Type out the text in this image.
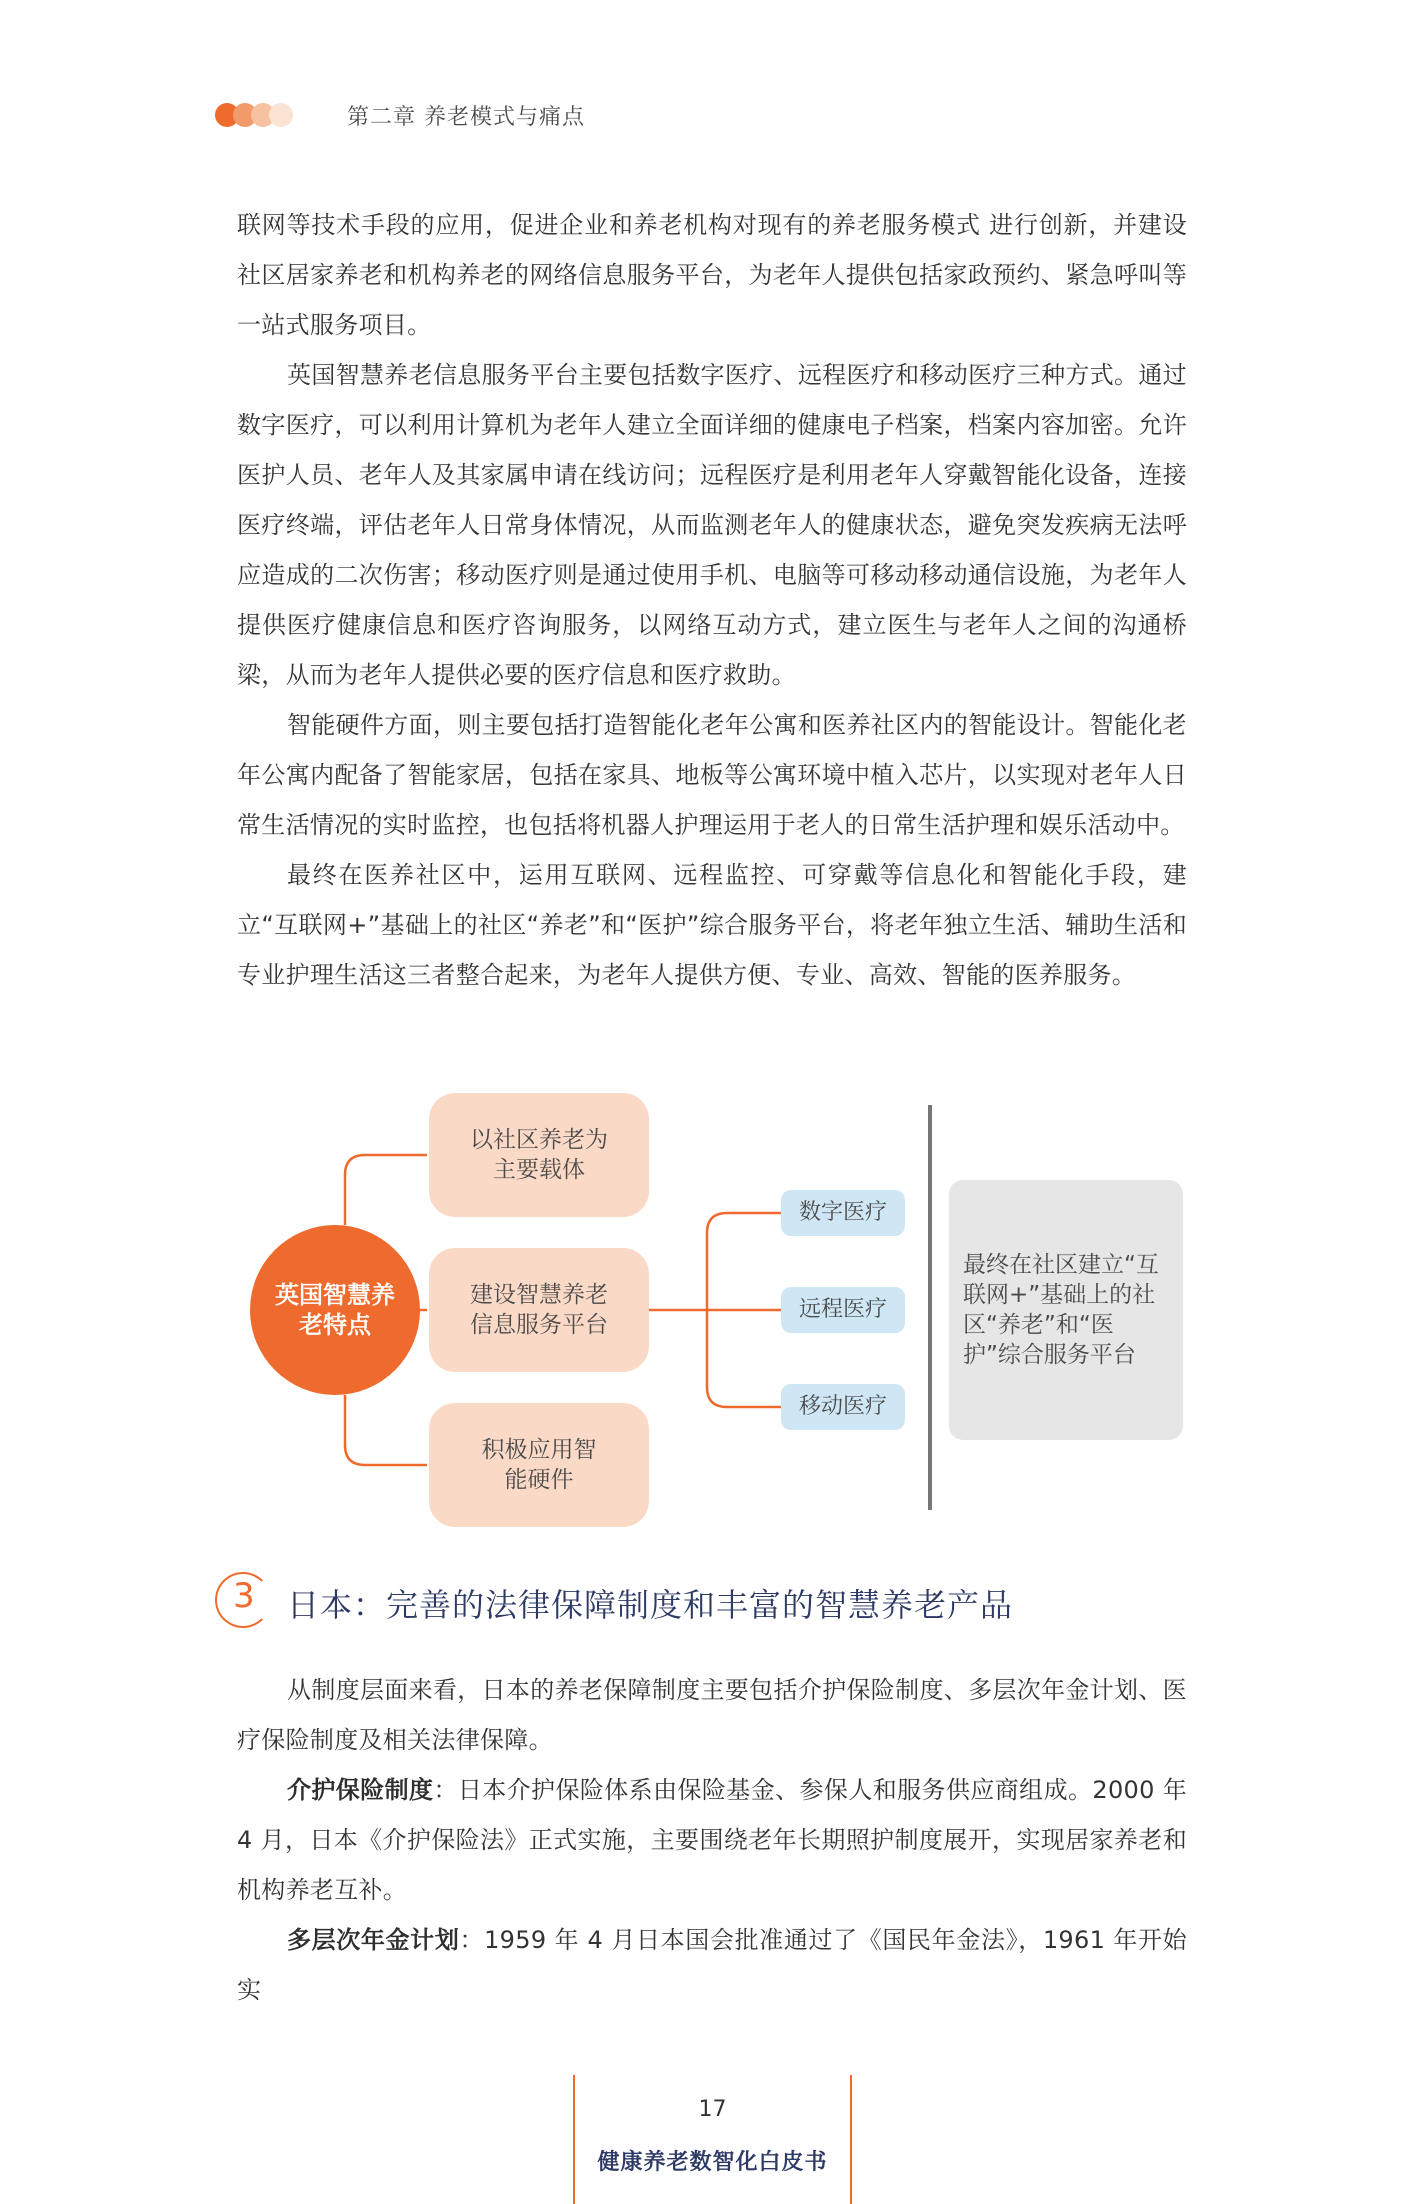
第二章 养老模式与痛点

联网等技术手段的应用，促进企业和养老机构对现有的养老服务模式 进行创新，并建设社区居家养老和机构养老的网络信息服务平台，为老年人提供包括家政预约、紧急呼叫等一站式服务项目。

英国智慧养老信息服务平台主要包括数字医疗、远程医疗和移动医疗三种方式。通过数字医疗，可以利用计算机为老年人建立全面详细的健康电子档案，档案内容加密。允许医护人员、老年人及其家属申请在线访问；远程医疗是利用老年人穿戴智能化设备，连接医疗终端，评估老年人日常身体情况，从而监测老年人的健康状态，避免突发疾病无法呼应造成的二次伤害；移动医疗则是通过使用手机、电脑等可移动移动通信设施，为老年人提供医疗健康信息和医疗咨询服务，以网络互动方式，建立医生与老年人之间的沟通桥梁，从而为老年人提供必要的医疗信息和医疗救助。

智能硬件方面，则主要包括打造智能化老年公寓和医养社区内的智能设计。智能化老年公寓内配备了智能家居，包括在家具、地板等公寓环境中植入芯片，以实现对老年人日常生活情况的实时监控，也包括将机器人护理运用于老人的日常生活护理和娱乐活动中。

最终在医养社区中，运用互联网、远程监控、可穿戴等信息化和智能化手段，建立“互联网+”基础上的社区“养老”和“医护”综合服务平台，将老年独立生活、辅助生活和专业护理生活这三者整合起来，为老年人提供方便、专业、高效、智能的医养服务。

英国智慧养老特点
以社区养老为主要载体
建设智慧养老信息服务平台
积极应用智能硬件
数字医疗
远程医疗
移动医疗
最终在社区建立“互联网+”基础上的社区“养老”和“医护”综合服务平台
3 日本：完善的法律保障制度和丰富的智慧养老产品

从制度层面来看，日本的养老保障制度主要包括介护保险制度、多层次年金计划、医疗保险制度及相关法律保障。

介护保险制度：日本介护保险体系由保险基金、参保人和服务供应商组成。2000 年 4 月，日本《介护保险法》正式实施，主要围绕老年长期照护制度展开，实现居家养老和机构养老互补。

多层次年金计划：1959 年 4 月日本国会批准通过了《国民年金法》，1961 年开始实

17
健康养老数智化白皮书
